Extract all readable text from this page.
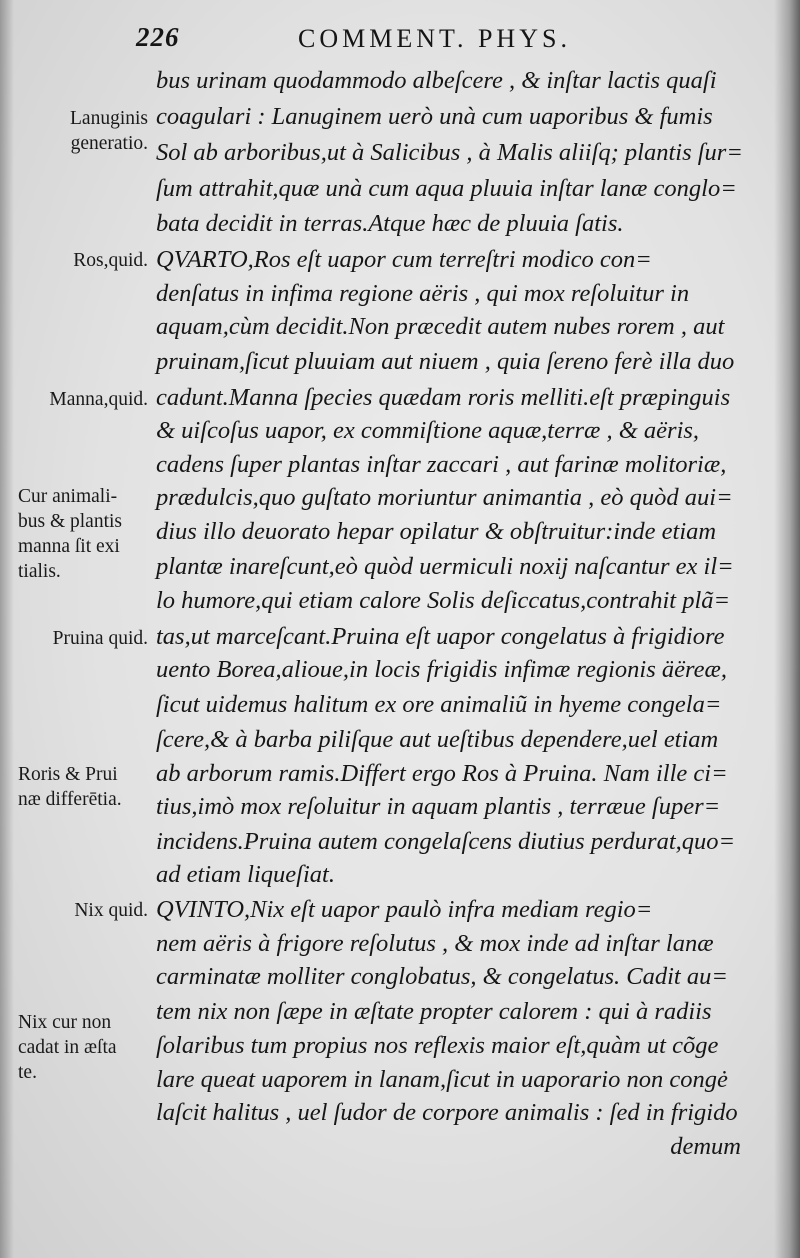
226	COMMENT. PHYS.
bus urinam quodammodo albeſcere , & inſtar lactis quaſi
coagulari : Lanuginem uerò unà cum uaporibus & fumis
Sol ab arboribus,ut à Salicibus , à Malis aliiſq; plantis ſur=
ſum attrahit,quæ unà cum aqua pluuia inſtar lanæ conglo=
bata decidit in terras.Atque hæc de pluuia ſatis.
QVARTO,Ros eſt uapor cum terreſtri modico con=
denſatus in infima regione aëris , qui mox reſoluitur in
aquam,cùm decidit.Non præcedit autem nubes rorem , aut
pruinam,ſicut pluuiam aut niuem , quia ſereno ferè illa duo
cadunt.Manna ſpecies quædam roris melliti.eſt præpinguis
& uiſcoſus uapor, ex commiſtione aquæ,terræ , & aëris,
cadens ſuper plantas inſtar zaccari , aut farinæ molitoriæ,
prædulcis,quo guſtato moriuntur animantia , eò quòd aui=
dius illo deuorato hepar opilatur & obſtruitur:inde etiam
plantæ inareſcunt,eò quòd uermiculi noxij naſcantur ex il=
lo humore,qui etiam calore Solis deſiccatus,contrahit plã=
tas,ut marceſcant.Pruina eſt uapor congelatus à frigidiore
uento Borea,alioue,in locis frigidis infimæ regionis äëreæ,
ſicut uidemus halitum ex ore animaliũ in hyeme congela=
ſcere,& à barba piliſque aut ueſtibus dependere,uel etiam
ab arborum ramis.Differt ergo Ros à Pruina. Nam ille ci=
tius,imò mox reſoluitur in aquam plantis , terræue ſuper=
incidens.Pruina autem congelaſcens diutius perdurat,quo=
ad etiam liqueſiat.
QVINTO,Nix eſt uapor paulò infra mediam regio=
nem aëris à frigore reſolutus , & mox inde ad inſtar lanæ
carminatæ molliter conglobatus, & congelatus. Cadit au=
tem nix non ſæpe in æſtate propter calorem : qui à radiis
ſolaribus tum propius nos reflexis maior eſt,quàm ut cõge
lare queat uaporem in lanam,ſicut in uaporario non congė
laſcit halitus , uel ſudor de corpore animalis : ſed in frigido
demum
Lanuginis
generatio.
Ros,quid.
Manna,quid.
Cur animali-
bus & plantis
manna ſit exi
tialis.
Pruina quid.
Roris & Prui
næ differētia.
Nix quid.
Nix cur non
cadat in æſta
te.
